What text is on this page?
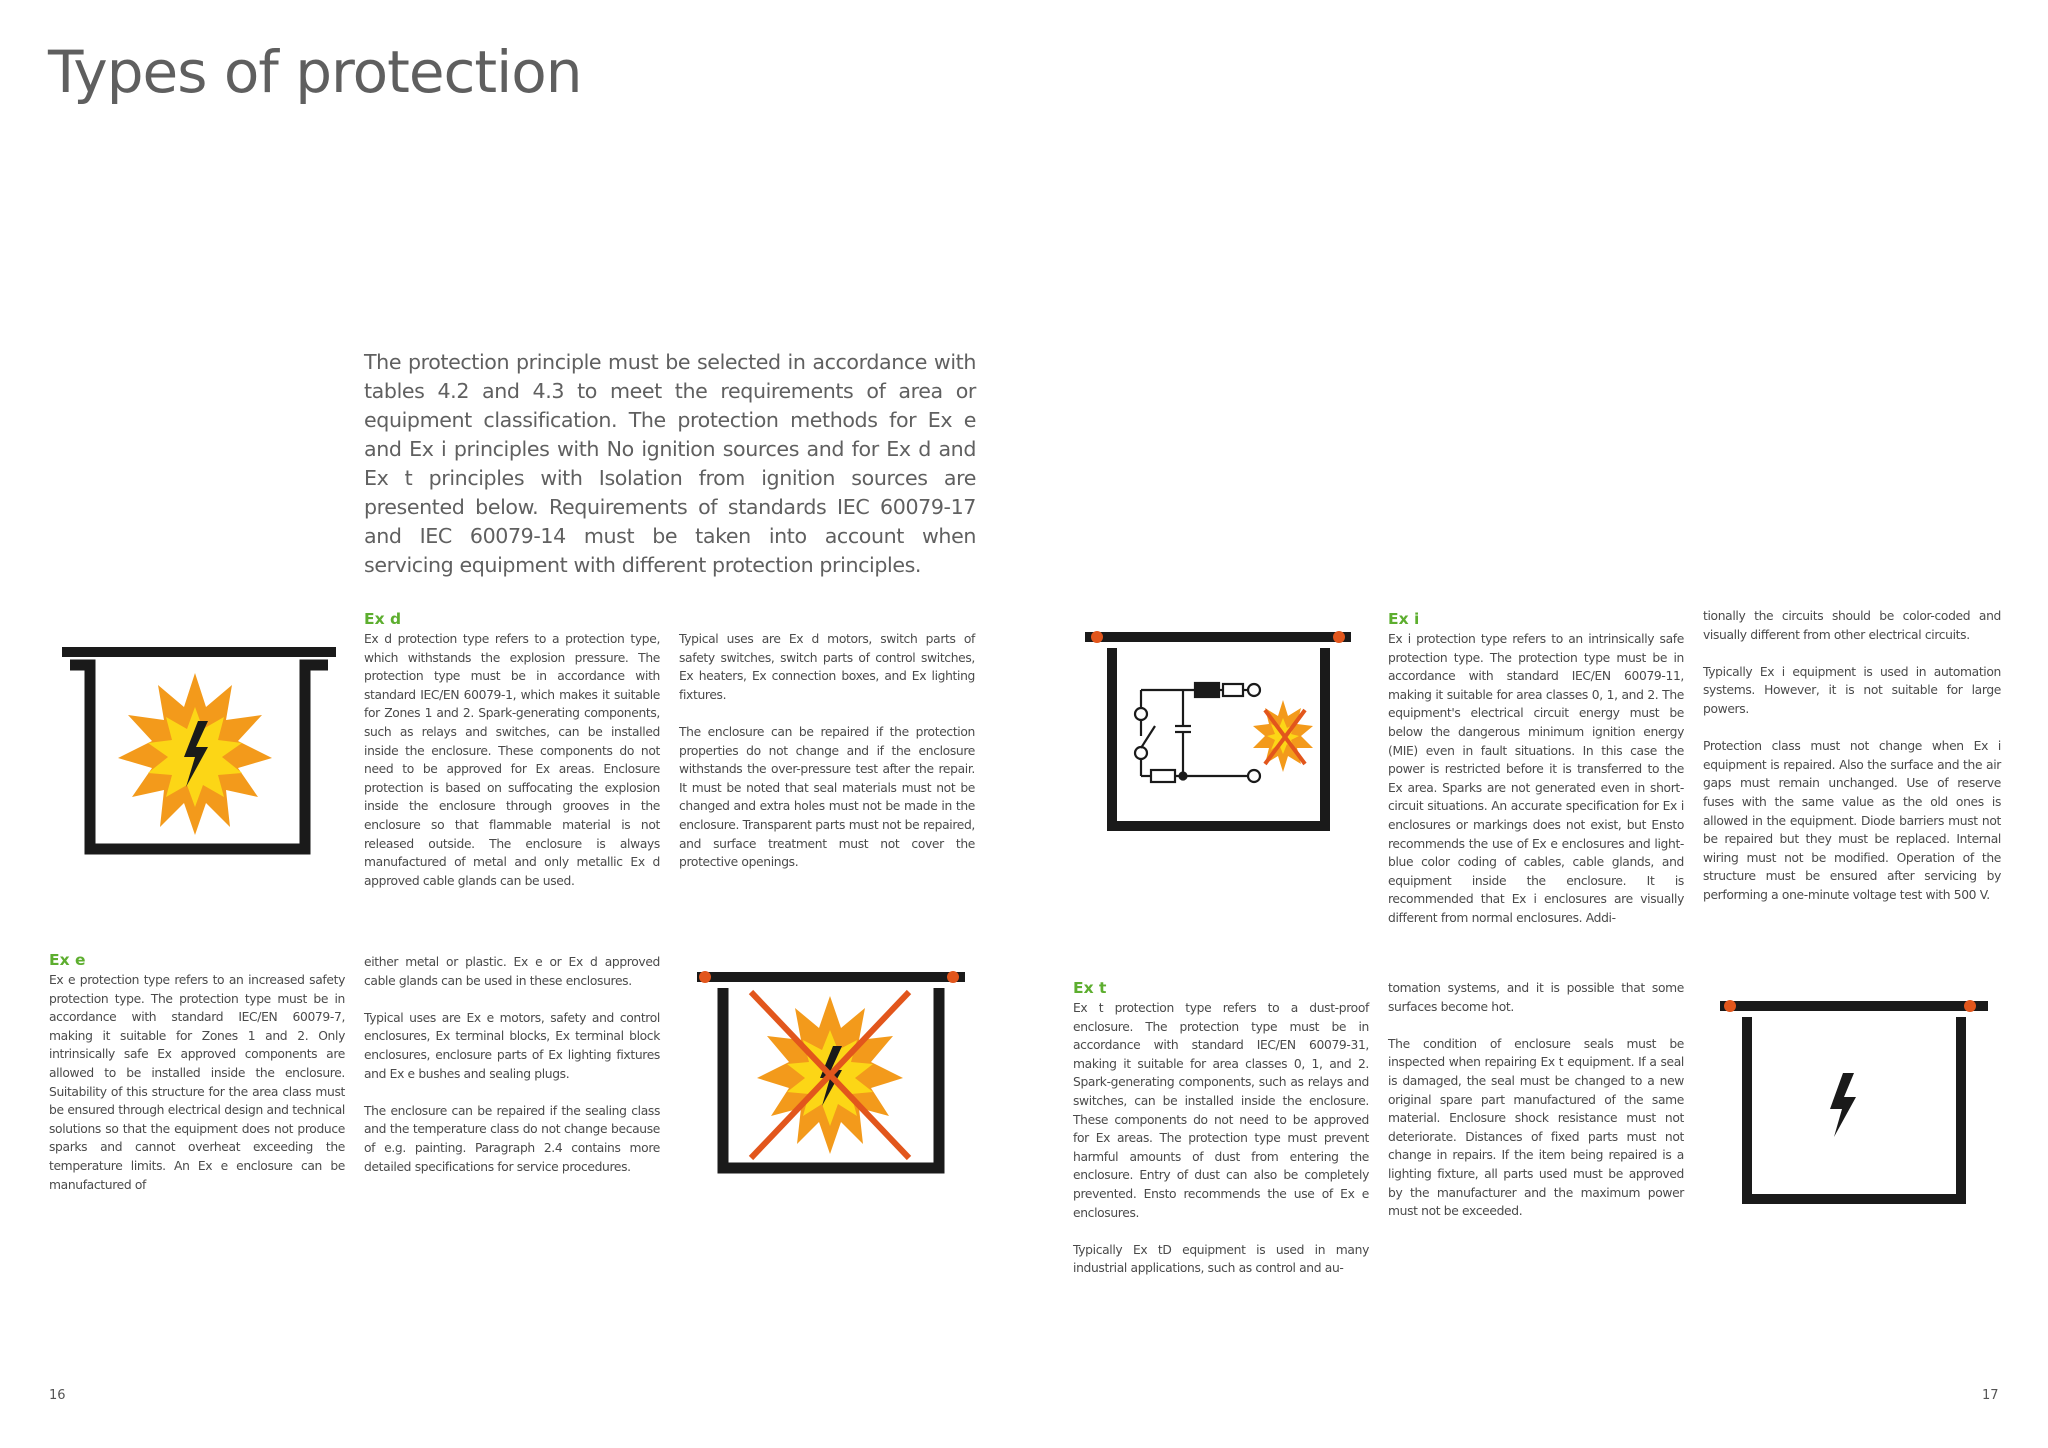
Types of protection

The protection principle must be selected in accordance with tables 4.2 and 4.3 to meet the requirements of area or equipment classification. The protection methods for Ex e and Ex i principles with No ignition sources and for Ex d and Ex t principles with Isolation from ignition sources are presented below. Requirements of standards IEC 60079-17 and IEC 60079-14 must be taken into account when servicing equipment with different protection principles.

Ex d

Ex d protection type refers to a protection type, which withstands the explosion pressure. The protection type must be in accordance with standard IEC/EN 60079-1, which makes it suitable for Zones 1 and 2. Spark-generating components, such as relays and switches, can be installed inside the enclosure. These components do not need to be approved for Ex areas. Enclosure protection is based on suffocating the explosion inside the enclosure through grooves in the enclosure so that flammable material is not released outside. The enclosure is always manufactured of metal and only metallic Ex d approved cable glands can be used.

Typical uses are Ex d motors, switch parts of safety switches, switch parts of control switches, Ex heaters, Ex connection boxes, and Ex lighting fixtures.

The enclosure can be repaired if the protection properties do not change and if the enclosure withstands the over-pressure test after the repair. It must be noted that seal materials must not be changed and extra holes must not be made in the enclosure. Transparent parts must not be repaired, and surface treatment must not cover the protective openings.

Ex e

Ex e protection type refers to an increased safety protection type. The protection type must be in accordance with standard IEC/EN 60079-7, making it suitable for Zones 1 and 2. Only intrinsically safe Ex approved components are allowed to be installed inside the enclosure. Suitability of this structure for the area class must be ensured through electrical design and technical solutions so that the equipment does not produce sparks and cannot overheat exceeding the temperature limits. An Ex e enclosure can be manufactured of

either metal or plastic. Ex e or Ex d approved cable glands can be used in these enclosures.

Typical uses are Ex e motors, safety and control enclosures, Ex terminal blocks, Ex terminal block enclosures, enclosure parts of Ex lighting fixtures and Ex e bushes and sealing plugs.

The enclosure can be repaired if the sealing class and the temperature class do not change because of e.g. painting. Paragraph 2.4 contains more detailed specifications for service procedures.

Ex i

Ex i protection type refers to an intrinsically safe protection type. The protection type must be in accordance with standard IEC/EN 60079-11, making it suitable for area classes 0, 1, and 2. The equipment's electrical circuit energy must be below the dangerous minimum ignition energy (MIE) even in fault situations. In this case the power is restricted before it is transferred to the Ex area. Sparks are not generated even in short-circuit situations. An accurate specification for Ex i enclosures or markings does not exist, but Ensto recommends the use of Ex e enclosures and light-blue color coding of cables, cable glands, and equipment inside the enclosure. It is recommended that Ex i enclosures are visually different from normal enclosures. Addi-

tionally the circuits should be color-coded and visually different from other electrical circuits.

Typically Ex i equipment is used in automation systems. However, it is not suitable for large powers.

Protection class must not change when Ex i equipment is repaired. Also the surface and the air gaps must remain unchanged. Use of reserve fuses with the same value as the old ones is allowed in the equipment. Diode barriers must not be repaired but they must be replaced. Internal wiring must not be modified. Operation of the structure must be ensured after servicing by performing a one-minute voltage test with 500 V.

Ex t

Ex t protection type refers to a dust-proof enclosure. The protection type must be in accordance with standard IEC/EN 60079-31, making it suitable for area classes 0, 1, and 2. Spark-generating components, such as relays and switches, can be installed inside the enclosure. These components do not need to be approved for Ex areas. The protection type must prevent harmful amounts of dust from entering the enclosure. Entry of dust can also be completely prevented. Ensto recommends the use of Ex e enclosures.

Typically Ex tD equipment is used in many industrial applications, such as control and au-

tomation systems, and it is possible that some surfaces become hot.

The condition of enclosure seals must be inspected when repairing Ex t equipment. If a seal is damaged, the seal must be changed to a new original spare part manufactured of the same material. Enclosure shock resistance must not deteriorate. Distances of fixed parts must not change in repairs. If the item being repaired is a lighting fixture, all parts used must be approved by the manufacturer and the maximum power must not be exceeded.

16	17
